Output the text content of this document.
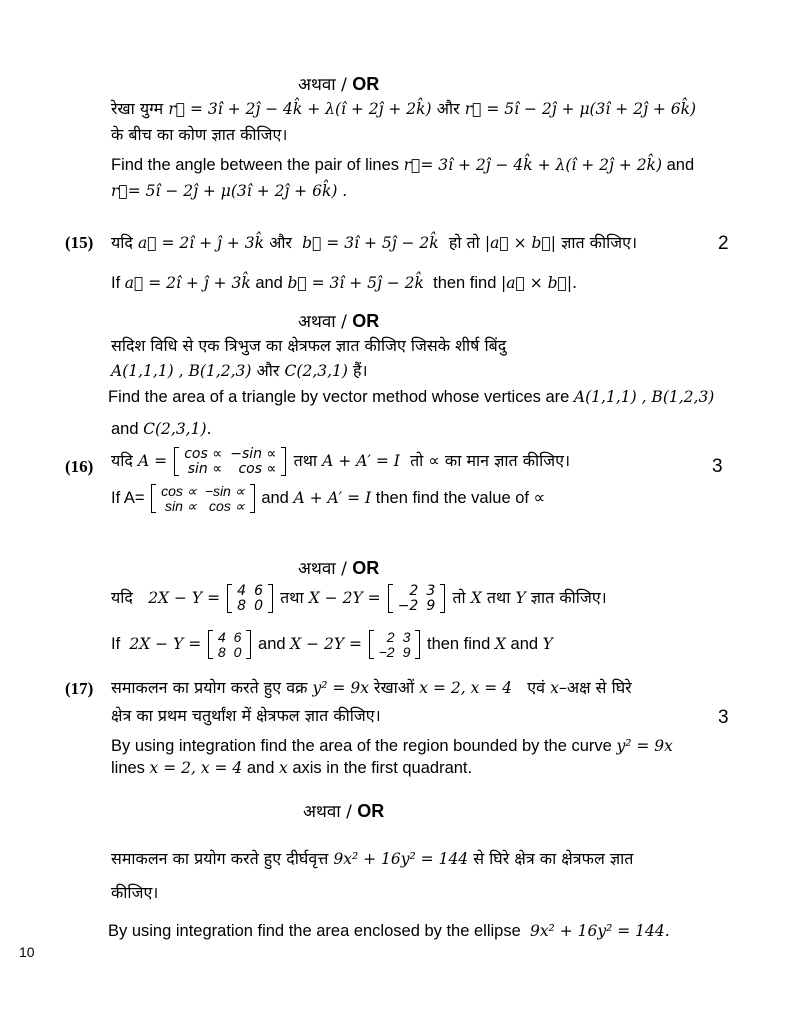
अथवा / OR
रेखा युग्म r⃗ = 3î + 2ĵ − 4k̂ + λ(î + 2ĵ + 2k̂) और r⃗ = 5î − 2ĵ + μ(3î + 2ĵ + 6k̂)
के बीच का कोण ज्ञात कीजिए।
Find the angle between the pair of lines r⃗= 3î + 2ĵ − 4k̂ + λ(î + 2ĵ + 2k̂) and
r⃗= 5î − 2ĵ + μ(3î + 2ĵ + 6k̂) .
(15) यदि a⃗ = 2î + ĵ + 3k̂ और b⃗ = 3î + 5ĵ − 2k̂ हो तो |a⃗ × b⃗| ज्ञात कीजिए।	2
If a⃗ = 2î + ĵ + 3k̂ and b⃗ = 3î + 5ĵ − 2k̂ then find |a⃗ × b⃗|.
अथवा / OR
सदिश विधि से एक त्रिभुज का क्षेत्रफल ज्ञात कीजिए जिसके शीर्ष बिंदु
A(1,1,1) , B(1,2,3) और C(2,3,1) हैं।
Find the area of a triangle by vector method whose vertices are A(1,1,1) , B(1,2,3)
and C(2,3,1).
(16) यदि A = cos ∝	−sin ∝
sin ∝	cos ∝ तथा A + A′ = I तो ∝ का मान ज्ञात कीजिए।	3
If A= cos ∝	−sin ∝
sin ∝	cos ∝ and A + A′ = I then find the value of ∝
अथवा / OR
यदि 2X − Y = 4	6
8	0 तथा X − 2Y = 2	3
−2	9 तो X तथा Y ज्ञात कीजिए।
If 2X − Y = 4	6
8	0 and X − 2Y = 2	3
−2	9 then find X and Y
(17) समाकलन का प्रयोग करते हुए वक्र y² = 9x रेखाओं x = 2, x = 4 एवं x–अक्ष से घिरे
क्षेत्र का प्रथम चतुर्थांश में क्षेत्रफल ज्ञात कीजिए।	3
By using integration find the area of the region bounded by the curve y² = 9x
lines x = 2, x = 4 and x axis in the first quadrant.
अथवा / OR
समाकलन का प्रयोग करते हुए दीर्घवृत्त 9x² + 16y² = 144 से घिरे क्षेत्र का क्षेत्रफल ज्ञात
कीजिए।
By using integration find the area enclosed by the ellipse 9x² + 16y² = 144.
10
